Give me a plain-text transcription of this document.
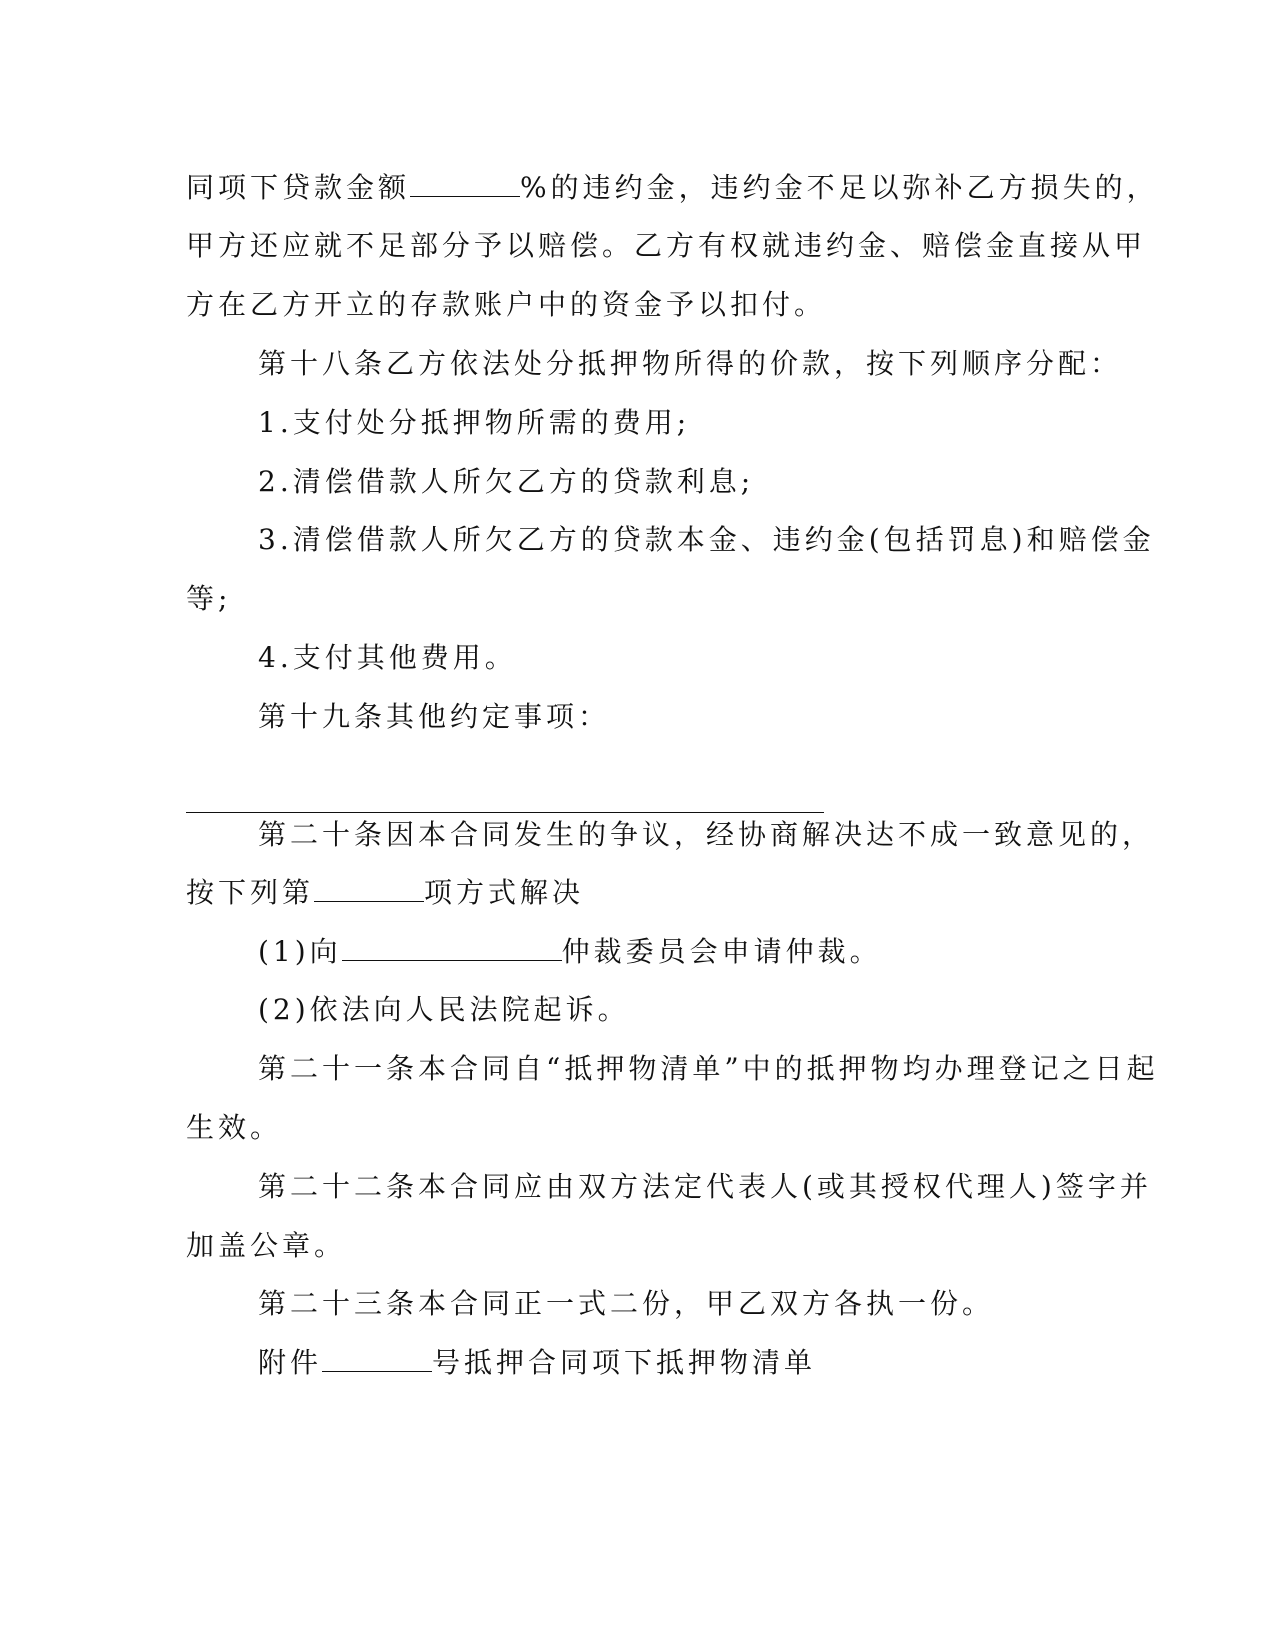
同项下贷款金额	%的违约金，违约金不足以弥补乙方损失的，
甲方还应就不足部分予以赔偿。乙方有权就违约金、赔偿金直接从甲
方在乙方开立的存款账户中的资金予以扣付。
第十八条乙方依法处分抵押物所得的价款，按下列顺序分配：
1.支付处分抵押物所需的费用;
2.清偿借款人所欠乙方的贷款利息;
3.清偿借款人所欠乙方的贷款本金、违约金(包括罚息)和赔偿金
等;
4.支付其他费用。
第十九条其他约定事项：
第二十条因本合同发生的争议，经协商解决达不成一致意见的，
按下列第	项方式解决
(1)向	仲裁委员会申请仲裁。
(2)依法向人民法院起诉。
第二十一条本合同自“抵押物清单”中的抵押物均办理登记之日起
生效。
第二十二条本合同应由双方法定代表人(或其授权代理人)签字并
加盖公章。
第二十三条本合同正一式二份，甲乙双方各执一份。
附件	号抵押合同项下抵押物清单
